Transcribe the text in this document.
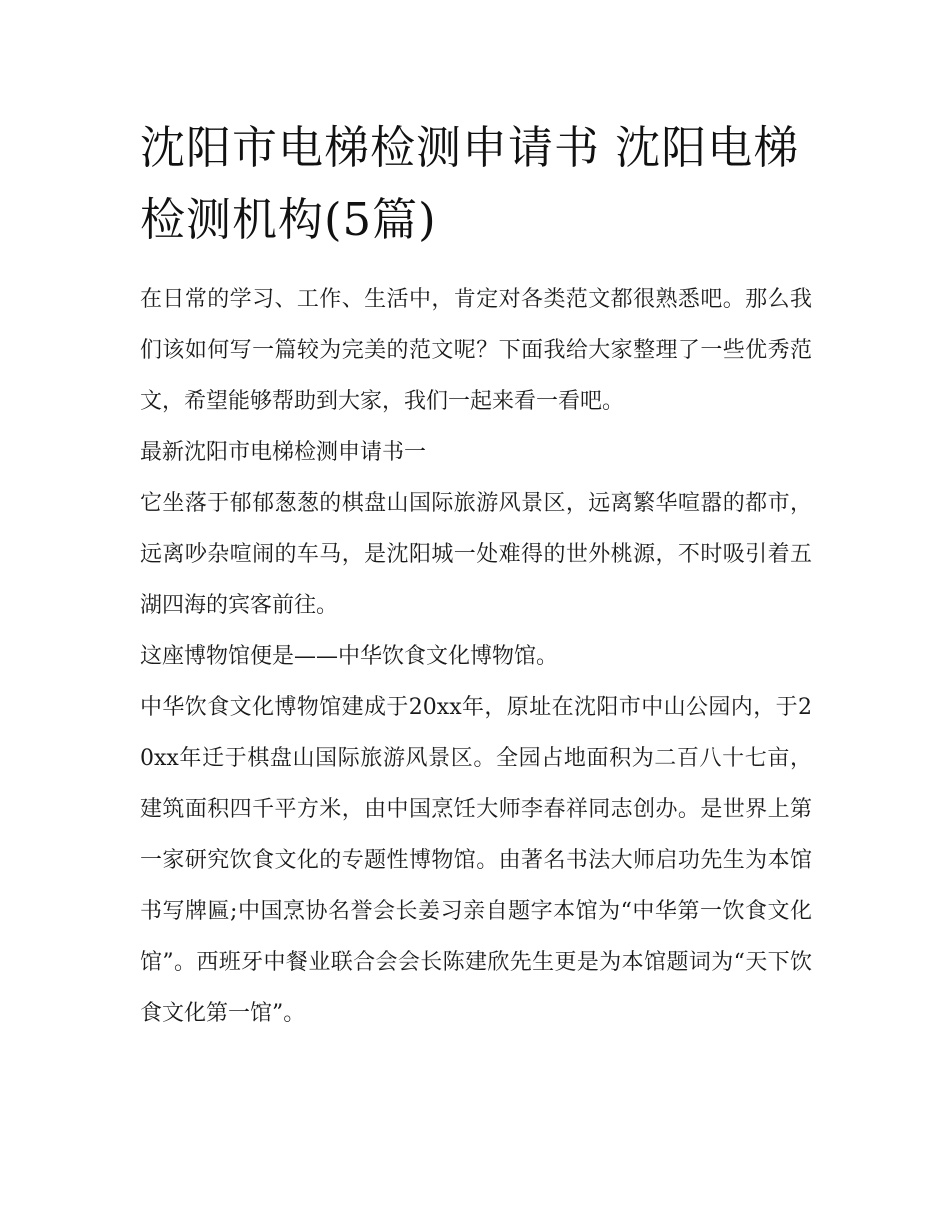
沈阳市电梯检测申请书 沈阳电梯检测机构(5篇)

在日常的学习、工作、生活中，肯定对各类范文都很熟悉吧。那么我们该如何写一篇较为完美的范文呢？下面我给大家整理了一些优秀范文，希望能够帮助到大家，我们一起来看一看吧。

最新沈阳市电梯检测申请书一

它坐落于郁郁葱葱的棋盘山国际旅游风景区，远离繁华喧嚣的都市，远离吵杂喧闹的车马，是沈阳城一处难得的世外桃源，不时吸引着五湖四海的宾客前往。

这座博物馆便是——中华饮食文化博物馆。

中华饮食文化博物馆建成于20xx年，原址在沈阳市中山公园内，于20xx年迁于棋盘山国际旅游风景区。全园占地面积为二百八十七亩，建筑面积四千平方米，由中国烹饪大师李春祥同志创办。是世界上第一家研究饮食文化的专题性博物馆。由著名书法大师启功先生为本馆书写牌匾;中国烹协名誉会长姜习亲自题字本馆为“中华第一饮食文化馆”。西班牙中餐业联合会会长陈建欣先生更是为本馆题词为“天下饮食文化第一馆”。
